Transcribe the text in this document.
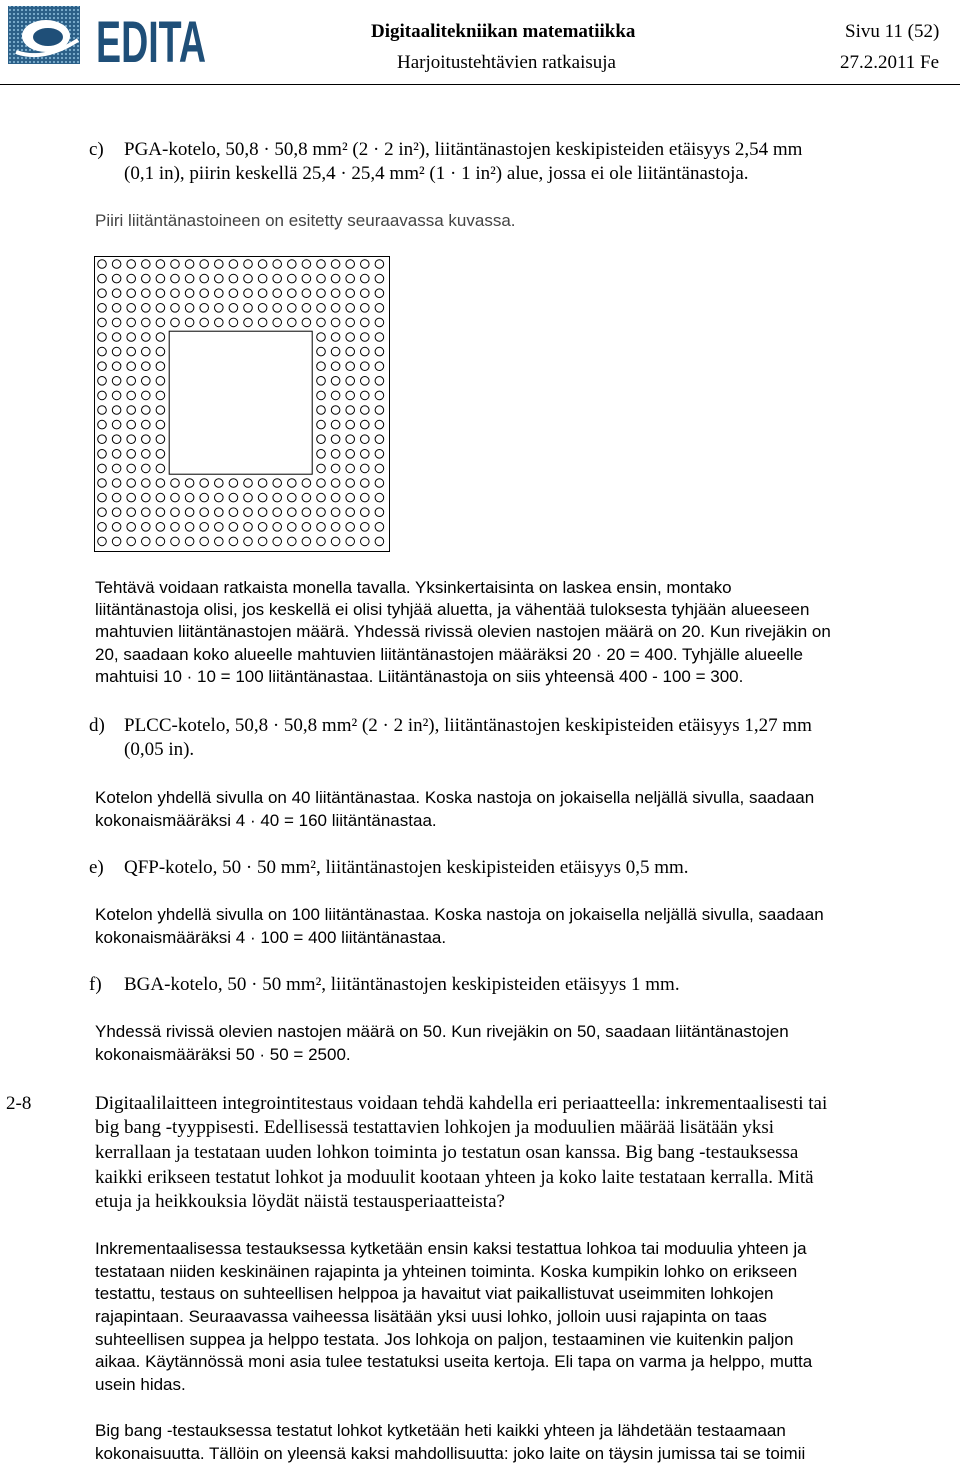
EDITA	Digitaalitekniikan matematiikka	Sivu 11 (52)
Harjoitustehtävien ratkaisuja	27.2.2011 Fe
c) PGA-kotelo, 50,8 · 50,8 mm² (2 · 2 in²), liitäntänastojen keskipisteiden etäisyys 2,54 mm
(0,1 in), piirin keskellä 25,4 · 25,4 mm² (1 · 1 in²) alue, jossa ei ole liitäntänastoja.
Piiri liitäntänastoineen on esitetty seuraavassa kuvassa.
Tehtävä voidaan ratkaista monella tavalla. Yksinkertaisinta on laskea ensin, montako
liitäntänastoja olisi, jos keskellä ei olisi tyhjää aluetta, ja vähentää tuloksesta tyhjään alueeseen
mahtuvien liitäntänastojen määrä. Yhdessä rivissä olevien nastojen määrä on 20. Kun rivejäkin on
20, saadaan koko alueelle mahtuvien liitäntänastojen määräksi 20 · 20 = 400. Tyhjälle alueelle
mahtuisi 10 · 10 = 100 liitäntänastaa. Liitäntänastoja on siis yhteensä 400 - 100 = 300.
d) PLCC-kotelo, 50,8 · 50,8 mm² (2 · 2 in²), liitäntänastojen keskipisteiden etäisyys 1,27 mm
(0,05 in).
Kotelon yhdellä sivulla on 40 liitäntänastaa. Koska nastoja on jokaisella neljällä sivulla, saadaan
kokonaismääräksi 4 · 40 = 160 liitäntänastaa.
e) QFP-kotelo, 50 · 50 mm², liitäntänastojen keskipisteiden etäisyys 0,5 mm.
Kotelon yhdellä sivulla on 100 liitäntänastaa. Koska nastoja on jokaisella neljällä sivulla, saadaan
kokonaismääräksi 4 · 100 = 400 liitäntänastaa.
f) BGA-kotelo, 50 · 50 mm², liitäntänastojen keskipisteiden etäisyys 1 mm.
Yhdessä rivissä olevien nastojen määrä on 50. Kun rivejäkin on 50, saadaan liitäntänastojen
kokonaismääräksi 50 · 50 = 2500.
2-8	Digitaalilaitteen integrointitestaus voidaan tehdä kahdella eri periaatteella: inkrementaalisesti tai
big bang -tyyppisesti. Edellisessä testattavien lohkojen ja moduulien määrää lisätään yksi
kerrallaan ja testataan uuden lohkon toiminta jo testatun osan kanssa. Big bang -testauksessa
kaikki erikseen testatut lohkot ja moduulit kootaan yhteen ja koko laite testataan kerralla. Mitä
etuja ja heikkouksia löydät näistä testausperiaatteista?
Inkrementaalisessa testauksessa kytketään ensin kaksi testattua lohkoa tai moduulia yhteen ja
testataan niiden keskinäinen rajapinta ja yhteinen toiminta. Koska kumpikin lohko on erikseen
testattu, testaus on suhteellisen helppoa ja havaitut viat paikallistuvat useimmiten lohkojen
rajapintaan. Seuraavassa vaiheessa lisätään yksi uusi lohko, jolloin uusi rajapinta on taas
suhteellisen suppea ja helppo testata. Jos lohkoja on paljon, testaaminen vie kuitenkin paljon
aikaa. Käytännössä moni asia tulee testatuksi useita kertoja. Eli tapa on varma ja helppo, mutta
usein hidas.
Big bang -testauksessa testatut lohkot kytketään heti kaikki yhteen ja lähdetään testaamaan
kokonaisuutta. Tällöin on yleensä kaksi mahdollisuutta: joko laite on täysin jumissa tai se toimii
